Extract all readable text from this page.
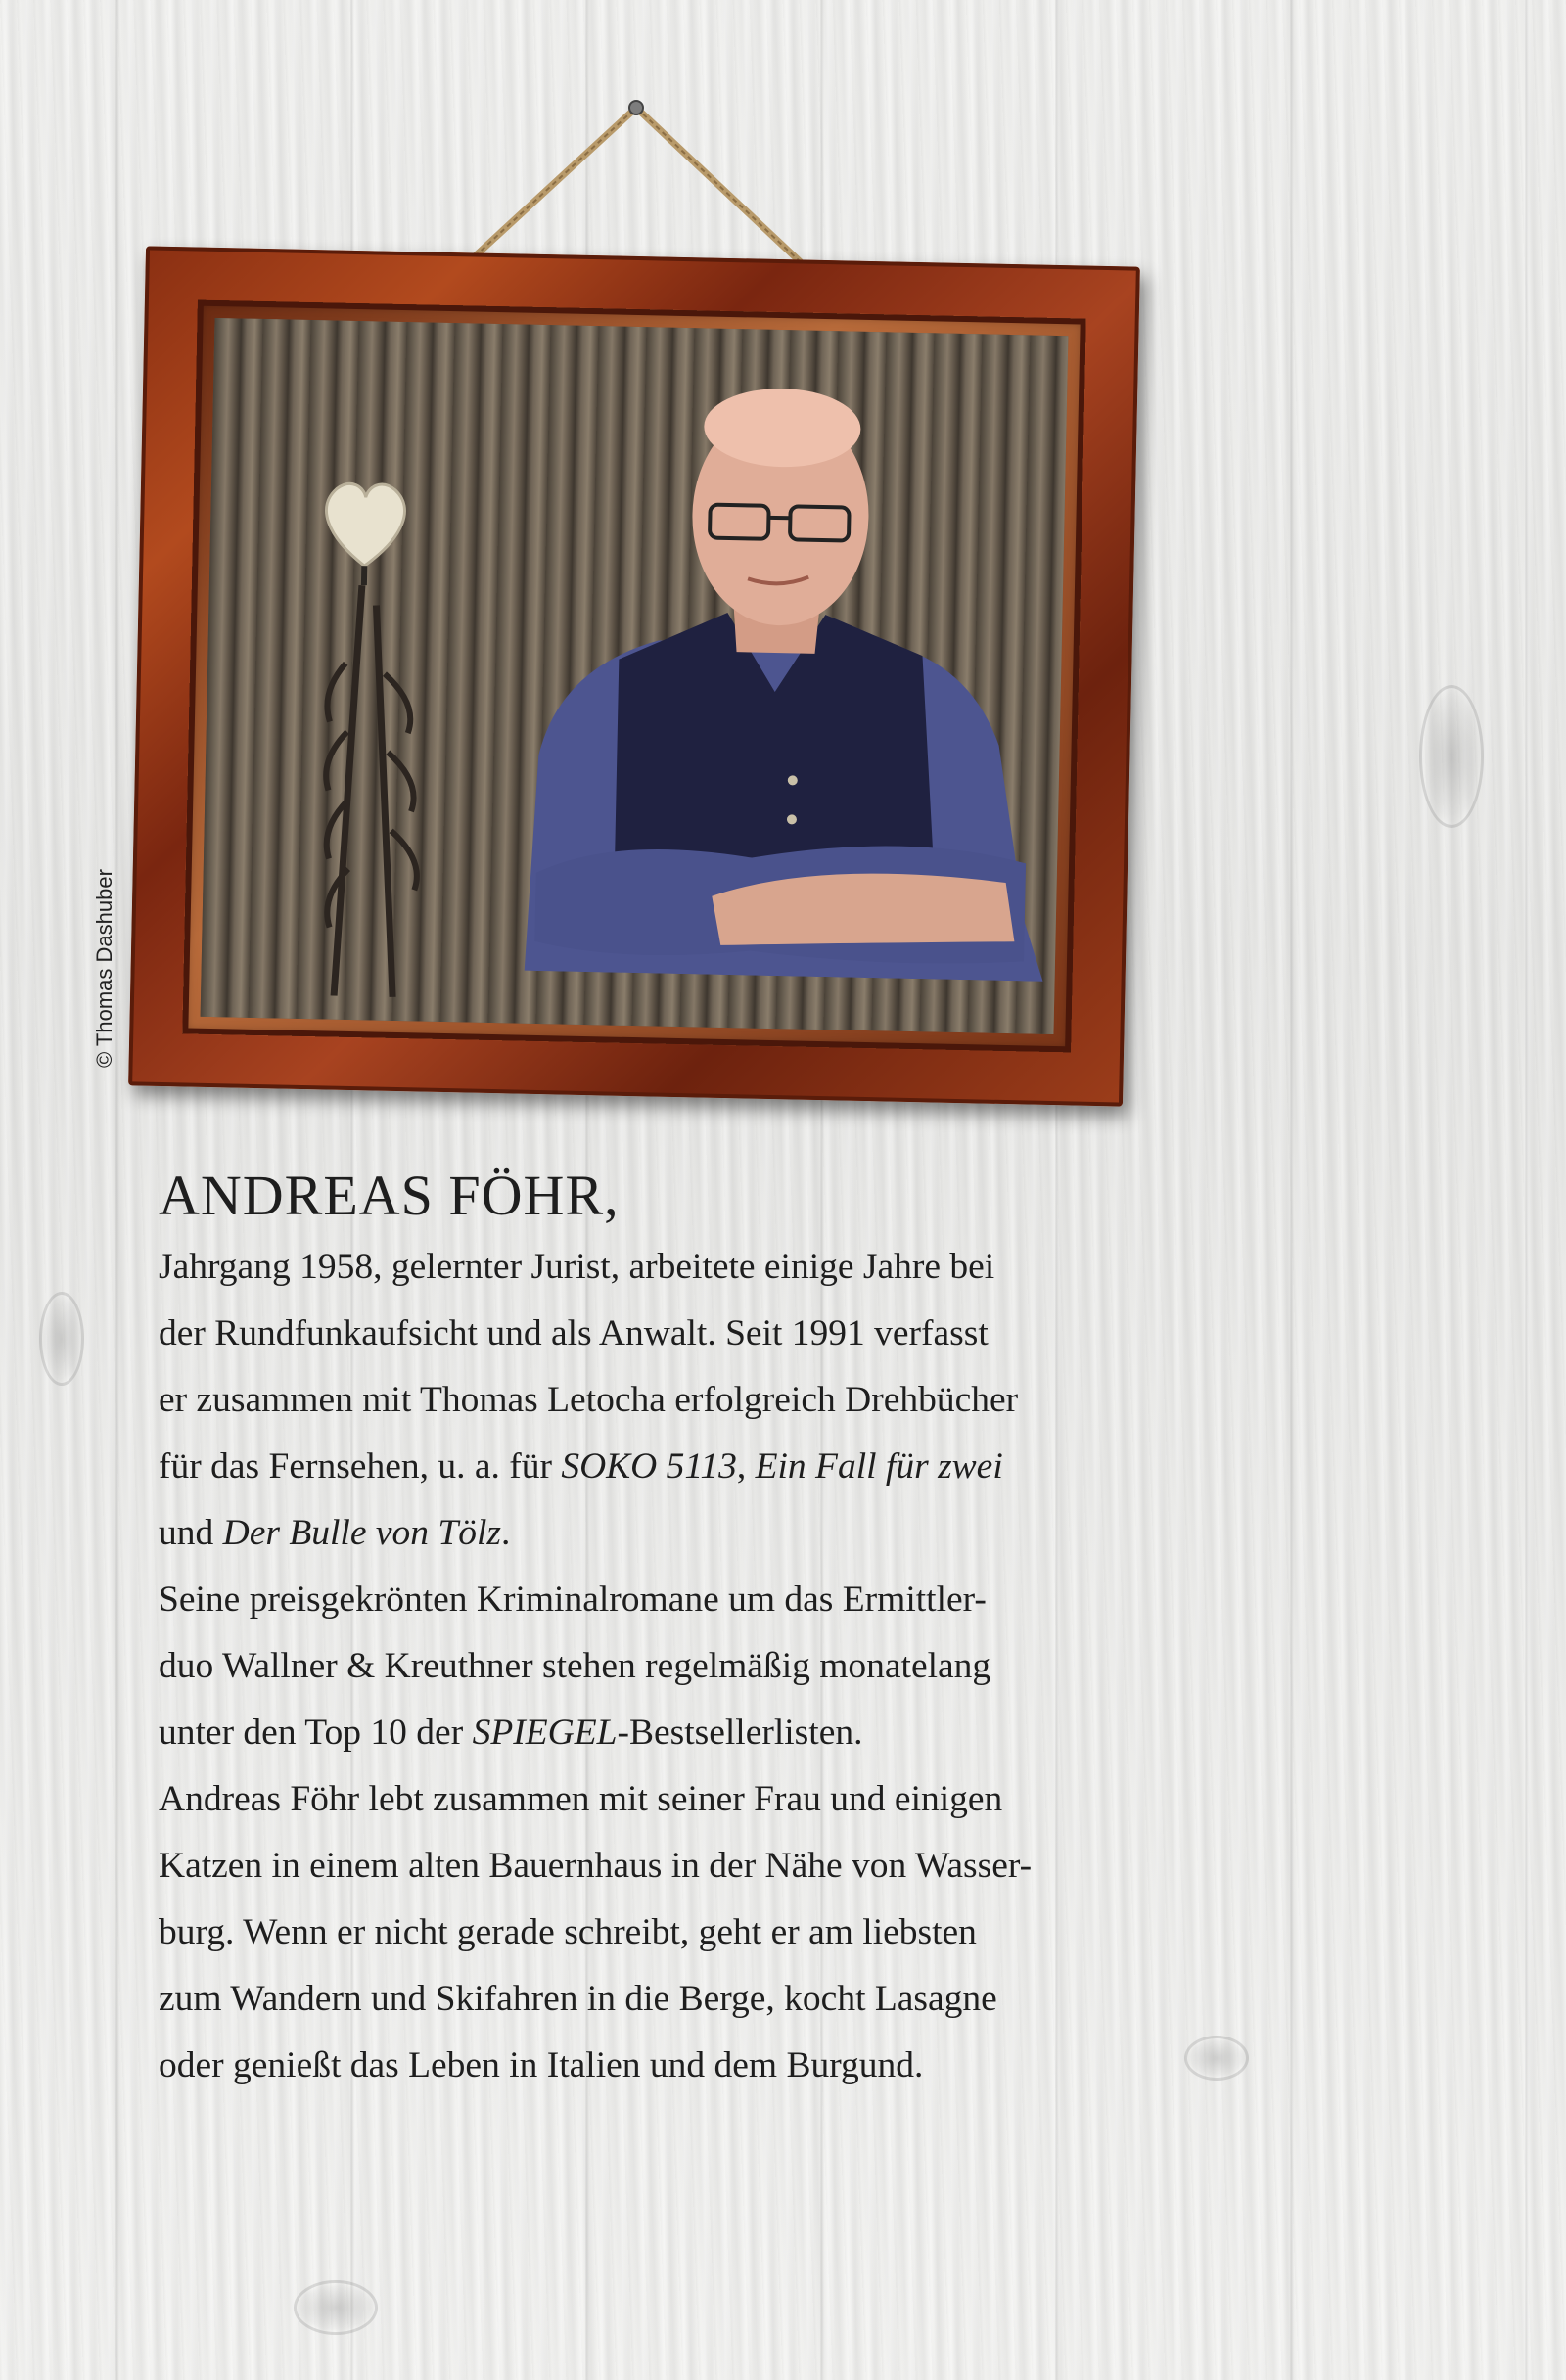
© Thomas Dashuber
ANDREAS FÖHR,
Jahrgang 1958, gelernter Jurist, arbeitete einige Jahre bei
der Rundfunkaufsicht und als Anwalt. Seit 1991 verfasst
er zusammen mit Thomas Letocha erfolgreich Drehbücher
für das Fernsehen, u. a. für SOKO 5113, Ein Fall für zwei
und Der Bulle von Tölz.
Seine preisgekrönten Kriminalromane um das Ermittler-
duo Wallner & Kreuthner stehen regelmäßig monatelang
unter den Top 10 der SPIEGEL-Bestsellerlisten.
Andreas Föhr lebt zusammen mit seiner Frau und einigen
Katzen in einem alten Bauernhaus in der Nähe von Wasser-
burg. Wenn er nicht gerade schreibt, geht er am liebsten
zum Wandern und Skifahren in die Berge, kocht Lasagne
oder genießt das Leben in Italien und dem Burgund.
